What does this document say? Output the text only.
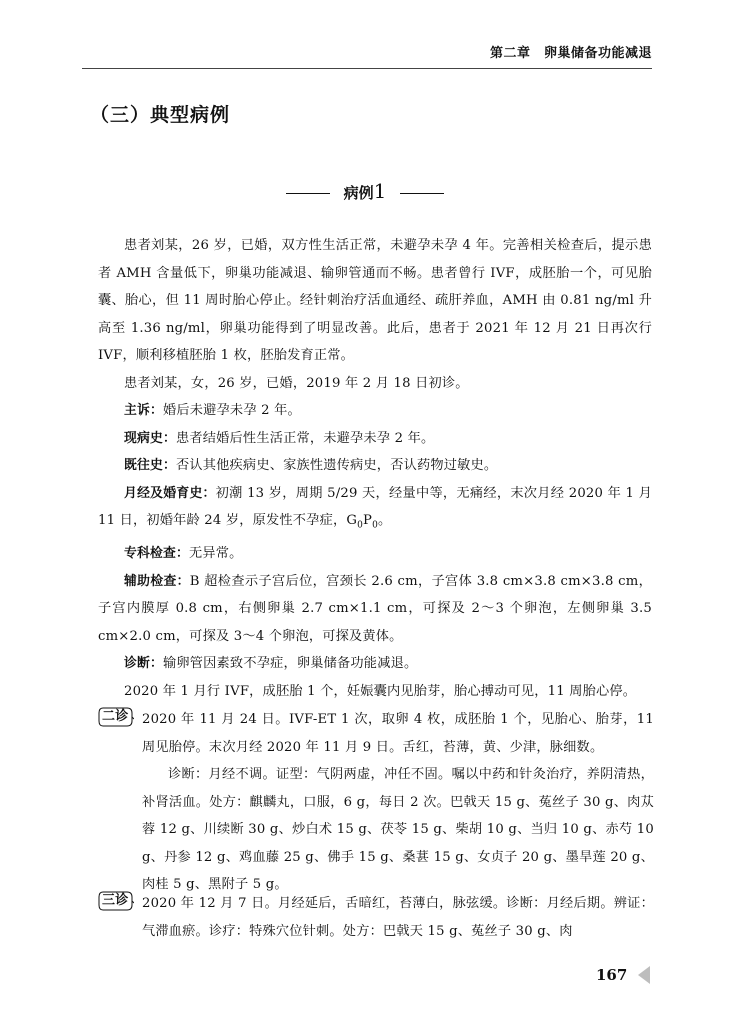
第二章　卵巢储备功能减退
（三）典型病例
病例1

患者刘某，26 岁，已婚，双方性生活正常，未避孕未孕 4 年。完善相关检查后，提示患者 AMH 含量低下，卵巢功能减退、输卵管通而不畅。患者曾行 IVF，成胚胎一个，可见胎囊、胎心，但 11 周时胎心停止。经针刺治疗活血通经、疏肝养血，AMH 由 0.81 ng/ml 升高至 1.36 ng/ml，卵巢功能得到了明显改善。此后，患者于 2021 年 12 月 21 日再次行 IVF，顺利移植胚胎 1 枚，胚胎发育正常。

患者刘某，女，26 岁，已婚，2019 年 2 月 18 日初诊。

主诉：婚后未避孕未孕 2 年。

现病史：患者结婚后性生活正常，未避孕未孕 2 年。

既往史：否认其他疾病史、家族性遗传病史，否认药物过敏史。

月经及婚育史：初潮 13 岁，周期 5/29 天，经量中等，无痛经，末次月经 2020 年 1 月 11 日，初婚年龄 24 岁，原发性不孕症，$G_0P_0$。

专科检查：无异常。

辅助检查：B 超检查示子宫后位，宫颈长 2.6 cm，子宫体 3.8 cm×3.8 cm×3.8 cm，子宫内膜厚 0.8 cm，右侧卵巢 2.7 cm×1.1 cm，可探及 2～3 个卵泡，左侧卵巢 3.5 cm×2.0 cm，可探及 3～4 个卵泡，可探及黄体。

诊断：输卵管因素致不孕症，卵巢储备功能减退。

2020 年 1 月行 IVF，成胚胎 1 个，妊娠囊内见胎芽，胎心搏动可见，11 周胎心停。

二诊 2020 年 11 月 24 日。IVF-ET 1 次，取卵 4 枚，成胚胎 1 个，见胎心、胎芽，11 周见胎停。末次月经 2020 年 11 月 9 日。舌红，苔薄，黄、少津，脉细数。

诊断：月经不调。证型：气阴两虚，冲任不固。嘱以中药和针灸治疗，养阴清热，补肾活血。处方：麒麟丸，口服，6 g，每日 2 次。巴戟天 15 g、菟丝子 30 g、肉苁蓉 12 g、川续断 30 g、炒白术 15 g、茯苓 15 g、柴胡 10 g、当归 10 g、赤芍 10 g、丹参 12 g、鸡血藤 25 g、佛手 15 g、桑葚 15 g、女贞子 20 g、墨旱莲 20 g、肉桂 5 g、黑附子 5 g。

三诊 2020 年 12 月 7 日。月经延后，舌暗红，苔薄白，脉弦缓。诊断：月经后期。辨证：气滞血瘀。诊疗：特殊穴位针刺。处方：巴戟天 15 g、菟丝子 30 g、肉

167
